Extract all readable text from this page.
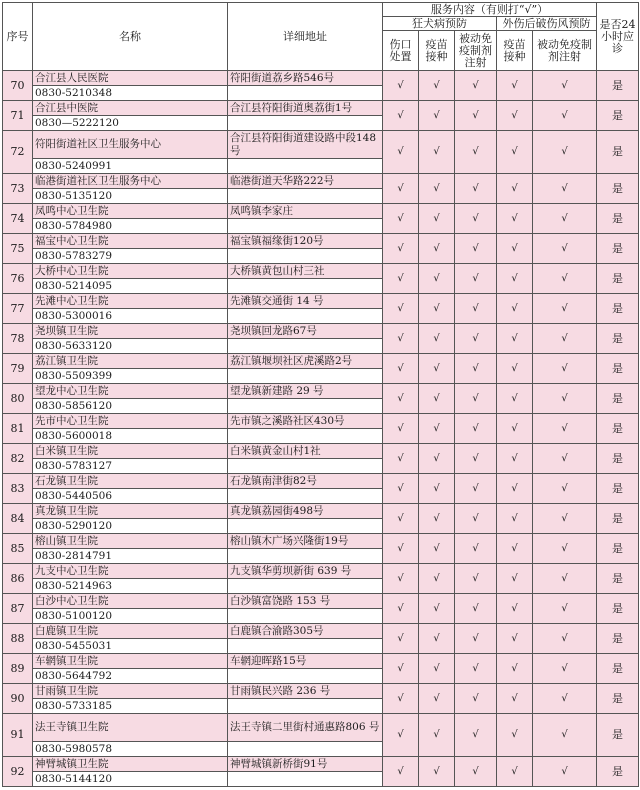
序号	名称	详细地址	服务内容（有则打“√”）					是否24小时应诊
			狂犬病预防			外伤后破伤风预防		
			伤口处置	疫苗接种	被动免疫制剂注射	疫苗接种	被动免疫制剂注射	
70	合江县人民医院	符阳街道荔乡路546号	√	√	√	√	√	是
	0830-5210348							
71	合江县中医院	合江县符阳街道奥荔街1号	√	√	√	√	√	是
	0830—5222120							
72	符阳街道社区卫生服务中心	合江县符阳街道建设路中段148号	√	√	√	√	√	是
	0830-5240991							
73	临港街道社区卫生服务中心	临港街道天华路222号	√	√	√	√	√	是
	0830-5135120							
74	凤鸣中心卫生院	凤鸣镇李家庄	√	√	√	√	√	是
	0830-5784980							
75	福宝中心卫生院	福宝镇福缘街120号	√	√	√	√	√	是
	0830-5783279							
76	大桥中心卫生院	大桥镇黄包山村三社	√	√	√	√	√	是
	0830-5214095							
77	先滩中心卫生院	先滩镇交通街 14 号	√	√	√	√	√	是
	0830-5300016							
78	尧坝镇卫生院	尧坝镇回龙路67号	√	√	√	√	√	是
	0830-5633120							
79	荔江镇卫生院	荔江镇堰坝社区虎溪路2号	√	√	√	√	√	是
	0830-5509399							
80	望龙中心卫生院	望龙镇新建路 29 号	√	√	√	√	√	是
	0830-5856120							
81	先市中心卫生院	先市镇之溪路社区430号	√	√	√	√	√	是
	0830-5600018							
82	白米镇卫生院	白米镇黄金山村1社	√	√	√	√	√	是
	0830-5783127							
83	石龙镇卫生院	石龙镇南津街82号	√	√	√	√	√	是
	0830-5440506							
84	真龙镇卫生院	真龙镇荔园街498号	√	√	√	√	√	是
	0830-5290120							
85	榕山镇卫生院	榕山镇木广场兴隆街19号	√	√	√	√	√	是
	0830-2814791							
86	九支中心卫生院	九支镇华剪坝新街 639 号	√	√	√	√	√	是
	0830-5214963							
87	白沙中心卫生院	白沙镇富饶路 153 号	√	√	√	√	√	是
	0830-5100120							
88	白鹿镇卫生院	白鹿镇合渝路305号	√	√	√	√	√	是
	0830-5455031							
89	车辋镇卫生院	车辋迎晖路15号	√	√	√	√	√	是
	0830-5644792							
90	甘雨镇卫生院	甘雨镇民兴路 236 号	√	√	√	√	√	是
	0830-5733185							
91	法王寺镇卫生院	法王寺镇二里街村通惠路806 号	√	√	√	√	√	是
	0830-5980578							
92	神臂城镇卫生院	神臂城镇新桥街91号	√	√	√	√	√	是
	0830-5144120							
